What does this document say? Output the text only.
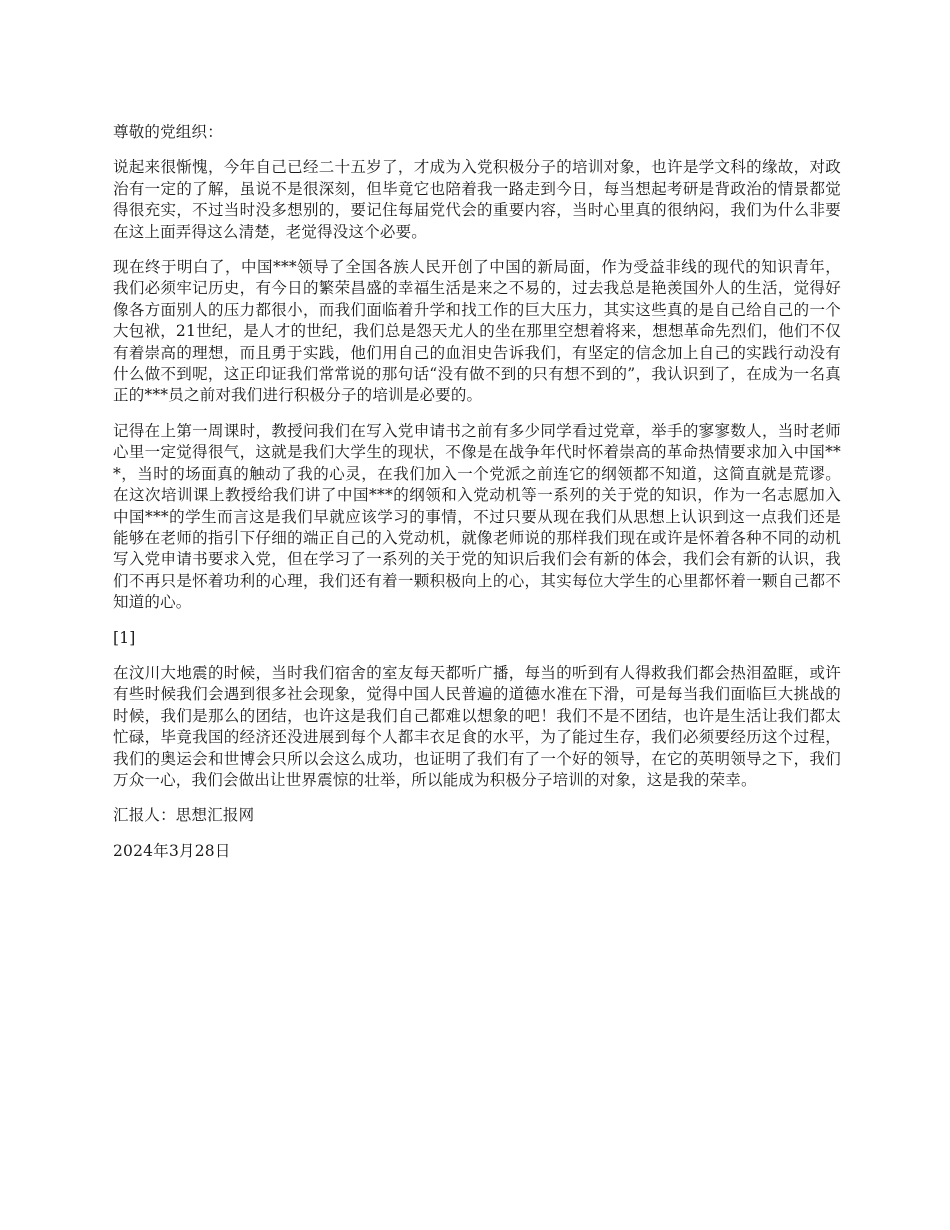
尊敬的党组织：

说起来很惭愧，今年自己已经二十五岁了，才成为入党积极分子的培训对象，也许是学文科的缘故，对政治有一定的了解，虽说不是很深刻，但毕竟它也陪着我一路走到今日，每当想起考研是背政治的情景都觉得很充实，不过当时没多想别的，要记住每届党代会的重要内容，当时心里真的很纳闷，我们为什么非要在这上面弄得这么清楚，老觉得没这个必要。

现在终于明白了，中国***领导了全国各族人民开创了中国的新局面，作为受益非线的现代的知识青年，我们必须牢记历史，有今日的繁荣昌盛的幸福生活是来之不易的，过去我总是艳羡国外人的生活，觉得好像各方面别人的压力都很小，而我们面临着升学和找工作的巨大压力，其实这些真的是自己给自己的一个大包袱，21世纪，是人才的世纪，我们总是怨天尤人的坐在那里空想着将来，想想革命先烈们，他们不仅有着崇高的理想，而且勇于实践，他们用自己的血泪史告诉我们，有坚定的信念加上自己的实践行动没有什么做不到呢，这正印证我们常常说的那句话“没有做不到的只有想不到的”，我认识到了，在成为一名真正的***员之前对我们进行积极分子的培训是必要的。

记得在上第一周课时，教授问我们在写入党申请书之前有多少同学看过党章，举手的寥寥数人，当时老师心里一定觉得很气，这就是我们大学生的现状，不像是在战争年代时怀着崇高的革命热情要求加入中国***，当时的场面真的触动了我的心灵，在我们加入一个党派之前连它的纲领都不知道，这简直就是荒谬。在这次培训课上教授给我们讲了中国***的纲领和入党动机等一系列的关于党的知识，作为一名志愿加入中国***的学生而言这是我们早就应该学习的事情，不过只要从现在我们从思想上认识到这一点我们还是能够在老师的指引下仔细的端正自己的入党动机，就像老师说的那样我们现在或许是怀着各种不同的动机写入党申请书要求入党，但在学习了一系列的关于党的知识后我们会有新的体会，我们会有新的认识，我们不再只是怀着功利的心理，我们还有着一颗积极向上的心，其实每位大学生的心里都怀着一颗自己都不知道的心。

[1]

在汶川大地震的时候，当时我们宿舍的室友每天都听广播，每当的听到有人得救我们都会热泪盈眶，或许有些时候我们会遇到很多社会现象，觉得中国人民普遍的道德水准在下滑，可是每当我们面临巨大挑战的时候，我们是那么的团结，也许这是我们自己都难以想象的吧！我们不是不团结，也许是生活让我们都太忙碌，毕竟我国的经济还没进展到每个人都丰衣足食的水平，为了能过生存，我们必须要经历这个过程，我们的奥运会和世博会只所以会这么成功，也证明了我们有了一个好的领导，在它的英明领导之下，我们万众一心，我们会做出让世界震惊的壮举，所以能成为积极分子培训的对象，这是我的荣幸。

汇报人：思想汇报网

2024年3月28日
